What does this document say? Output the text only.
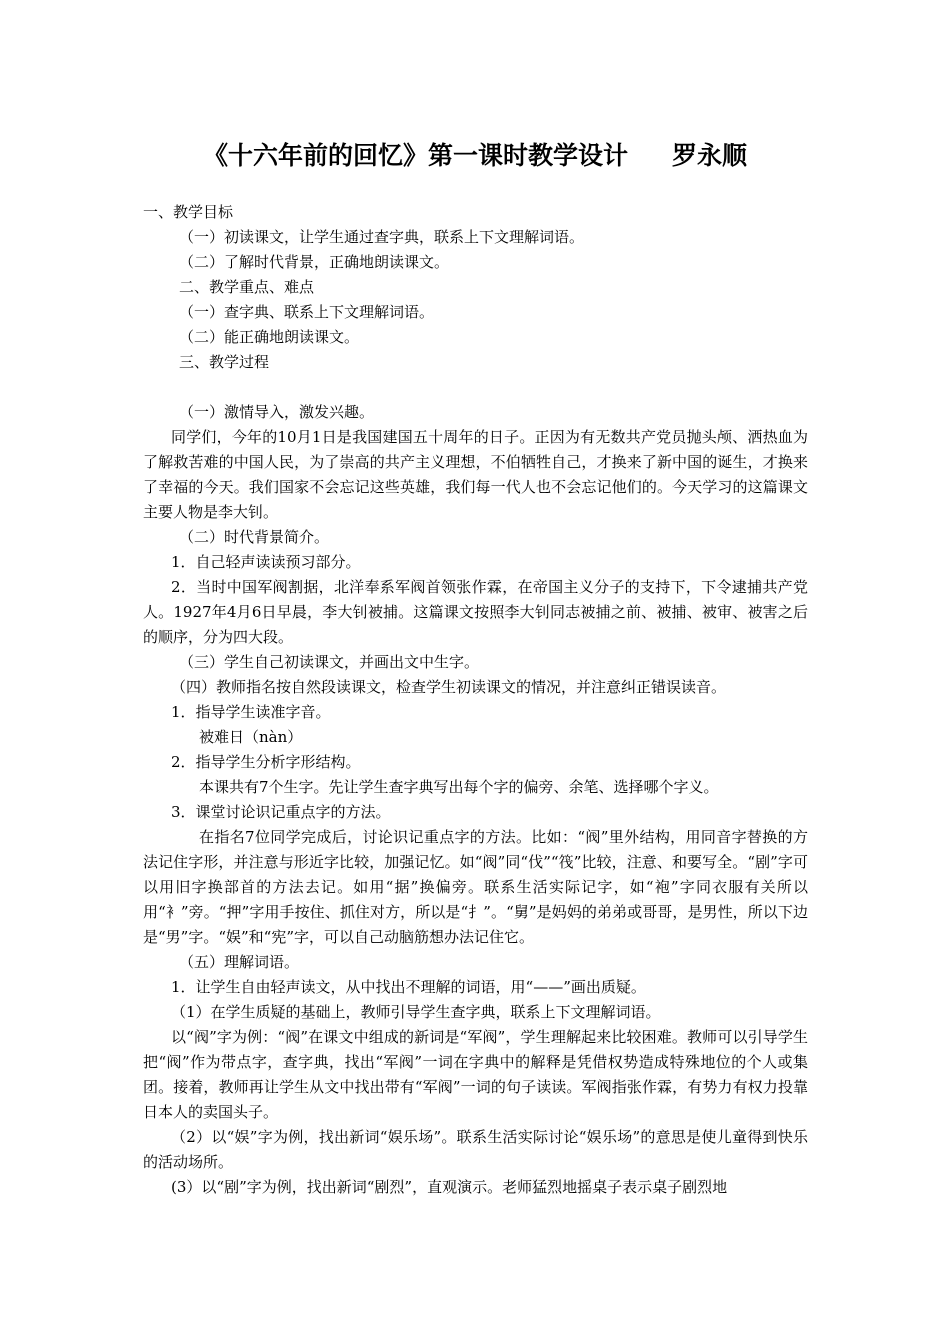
《十六年前的回忆》第一课时教学设计 罗永顺

一、教学目标

（一）初读课文，让学生通过查字典，联系上下文理解词语。

（二）了解时代背景，正确地朗读课文。

二、教学重点、难点

（一）查字典、联系上下文理解词语。

（二）能正确地朗读课文。

三、教学过程

（一）激情导入，激发兴趣。

同学们，今年的10月1日是我国建国五十周年的日子。正因为有无数共产党员抛头颅、洒热血为了解救苦难的中国人民，为了崇高的共产主义理想，不伯牺牲自己，才换来了新中国的诞生，才换来了幸福的今天。我们国家不会忘记这些英雄，我们每一代人也不会忘记他们的。今天学习的这篇课文主要人物是李大钊。

（二）时代背景简介。

1．自己轻声读读预习部分。

2．当时中国军阀割据，北洋奉系军阀首领张作霖，在帝国主义分子的支持下，下令逮捕共产党人。1927年4月6日早晨，李大钊被捕。这篇课文按照李大钊同志被捕之前、被捕、被审、被害之后的顺序，分为四大段。

（三）学生自己初读课文，并画出文中生字。

（四）教师指名按自然段读课文，检查学生初读课文的情况，并注意纠正错误读音。

1．指导学生读准字音。

被难日（nàn）

2．指导学生分析字形结构。

本课共有7个生字。先让学生查字典写出每个字的偏旁、余笔、选择哪个字义。

3．课堂讨论识记重点字的方法。

在指名7位同学完成后，讨论识记重点字的方法。比如：“阀”里外结构，用同音字替换的方法记住字形，并注意与形近字比较，加强记忆。如“阀”同“伐”“筏”比较，注意、和要写全。“剧”字可以用旧字换部首的方法去记。如用“据”换偏旁。联系生活实际记字，如“袍”字同衣服有关所以用“衤”旁。“押”字用手按住、抓住对方，所以是“扌”。“舅”是妈妈的弟弟或哥哥，是男性，所以下边是“男”字。“娱”和“宪”字，可以自己动脑筋想办法记住它。

（五）理解词语。

1．让学生自由轻声读文，从中找出不理解的词语，用“——”画出质疑。

（1）在学生质疑的基础上，教师引导学生查字典，联系上下文理解词语。

以“阀”字为例：“阀”在课文中组成的新词是“军阀”，学生理解起来比较困难。教师可以引导学生把“阀”作为带点字，查字典，找出“军阀”一词在字典中的解释是凭借权势造成特殊地位的个人或集团。接着，教师再让学生从文中找出带有“军阀”一词的句子读读。军阀指张作霖，有势力有权力投靠日本人的卖国头子。

（2）以“娱”字为例，找出新词“娱乐场”。联系生活实际讨论“娱乐场”的意思是使儿童得到快乐的活动场所。

(3）以“剧”字为例，找出新词“剧烈”，直观演示。老师猛烈地摇桌子表示桌子剧烈地
